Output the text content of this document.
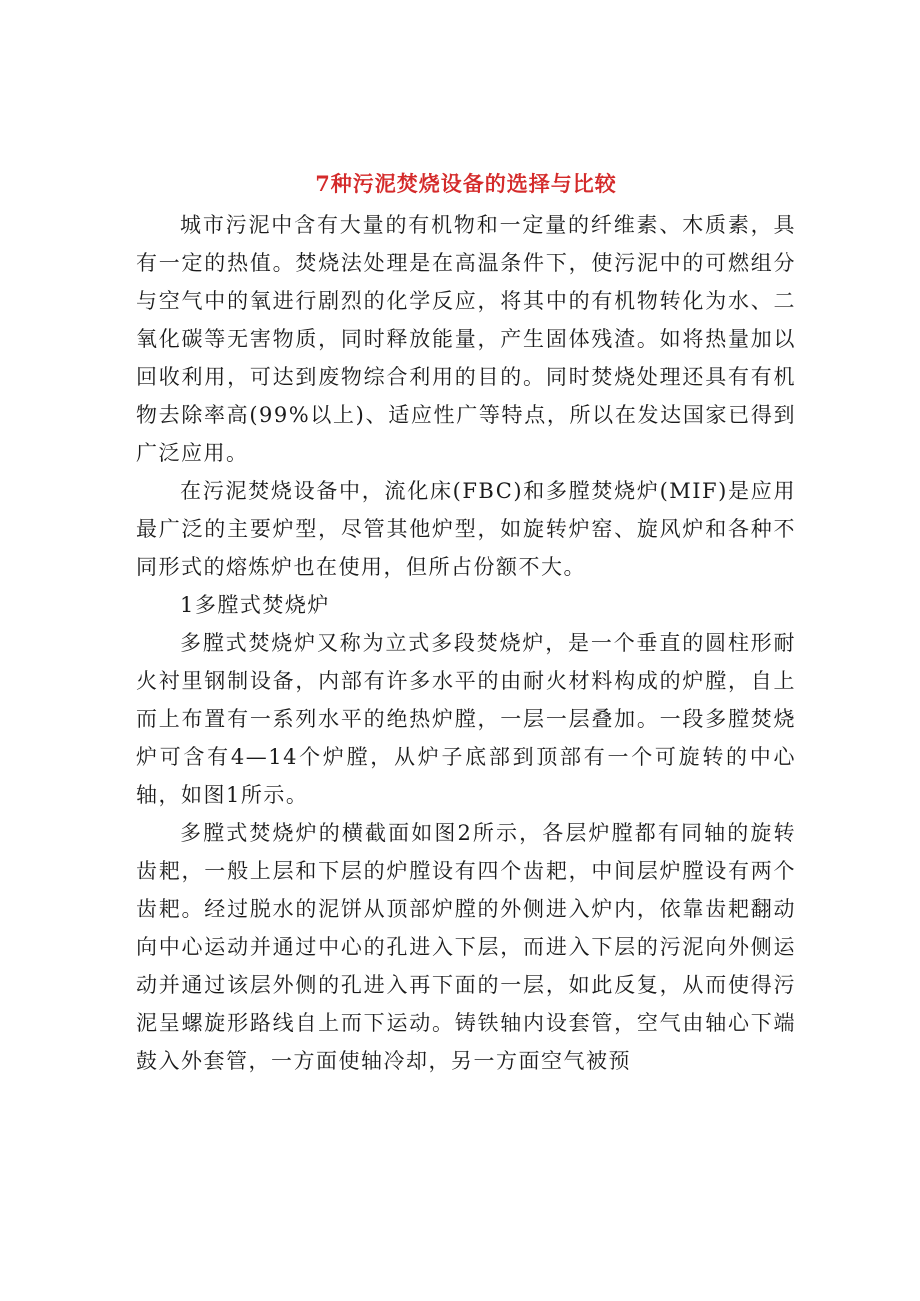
7种污泥焚烧设备的选择与比较

城市污泥中含有大量的有机物和一定量的纤维素、木质素，具有一定的热值。焚烧法处理是在高温条件下，使污泥中的可燃组分与空气中的氧进行剧烈的化学反应，将其中的有机物转化为水、二氧化碳等无害物质，同时释放能量，产生固体残渣。如将热量加以回收利用，可达到废物综合利用的目的。同时焚烧处理还具有有机物去除率高(99%以上)、适应性广等特点，所以在发达国家已得到广泛应用。

在污泥焚烧设备中，流化床(FBC)和多膛焚烧炉(MIF)是应用最广泛的主要炉型，尽管其他炉型，如旋转炉窑、旋风炉和各种不同形式的熔炼炉也在使用，但所占份额不大。

1多膛式焚烧炉

多膛式焚烧炉又称为立式多段焚烧炉，是一个垂直的圆柱形耐火衬里钢制设备，内部有许多水平的由耐火材料构成的炉膛，自上而上布置有一系列水平的绝热炉膛，一层一层叠加。一段多膛焚烧炉可含有4—14个炉膛，从炉子底部到顶部有一个可旋转的中心轴，如图1所示。

多膛式焚烧炉的横截面如图2所示，各层炉膛都有同轴的旋转齿耙，一般上层和下层的炉膛设有四个齿耙，中间层炉膛设有两个齿耙。经过脱水的泥饼从顶部炉膛的外侧进入炉内，依靠齿耙翻动向中心运动并通过中心的孔进入下层，而进入下层的污泥向外侧运动并通过该层外侧的孔进入再下面的一层，如此反复，从而使得污泥呈螺旋形路线自上而下运动。铸铁轴内设套管，空气由轴心下端鼓入外套管，一方面使轴冷却，另一方面空气被预
